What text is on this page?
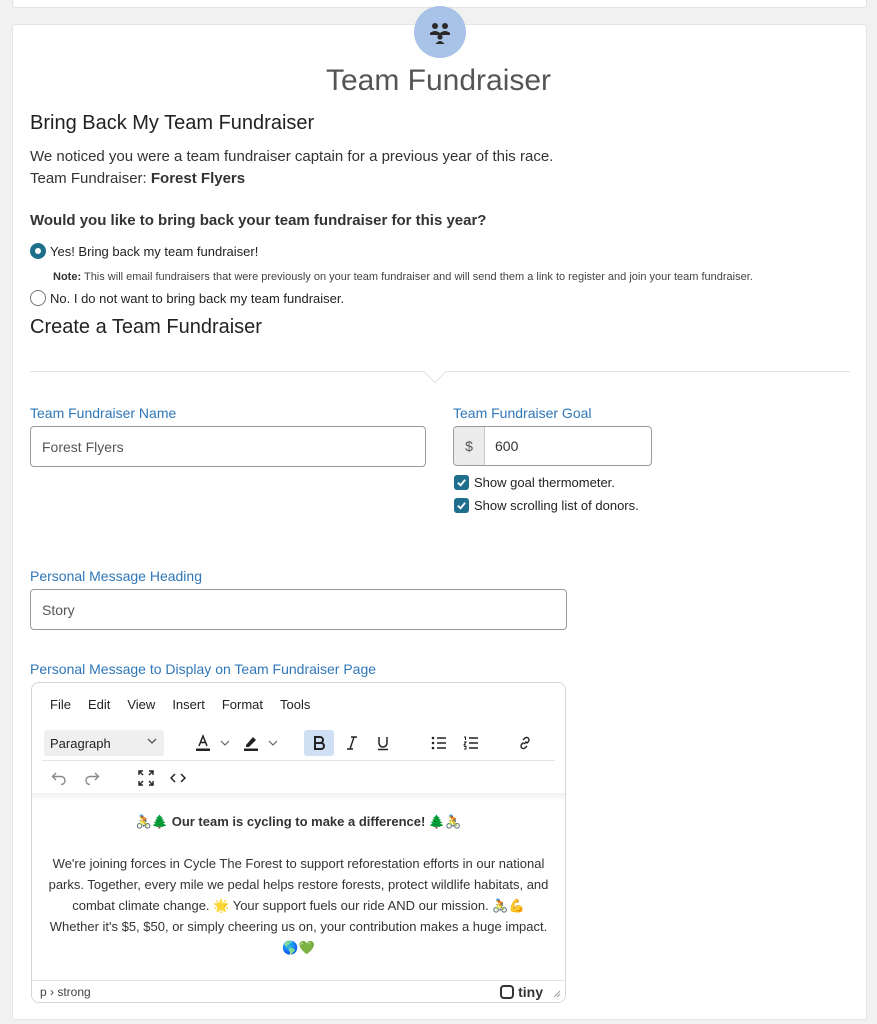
Team Fundraiser
Bring Back My Team Fundraiser
We noticed you were a team fundraiser captain for a previous year of this race.
Team Fundraiser: Forest Flyers
Would you like to bring back your team fundraiser for this year?
Yes! Bring back my team fundraiser!
Note: This will email fundraisers that were previously on your team fundraiser and will send them a link to register and join your team fundraiser.
No. I do not want to bring back my team fundraiser.
Create a Team Fundraiser
Team Fundraiser Name
Forest Flyers
Team Fundraiser Goal
$	600
Show goal thermometer.
Show scrolling list of donors.
Personal Message Heading
Story
Personal Message to Display on Team Fundraiser Page
File Edit View Insert Format Tools
Paragraph
🚴🌲 Our team is cycling to make a difference! 🌲🚴
We're joining forces in Cycle The Forest to support reforestation efforts in our national parks. Together, every mile we pedal helps restore forests, protect wildlife habitats, and combat climate change. 🌟 Your support fuels our ride AND our mission. 🚴💪 Whether it's $5, $50, or simply cheering us on, your contribution makes a huge impact. 🌎💚
p › strong	tiny
